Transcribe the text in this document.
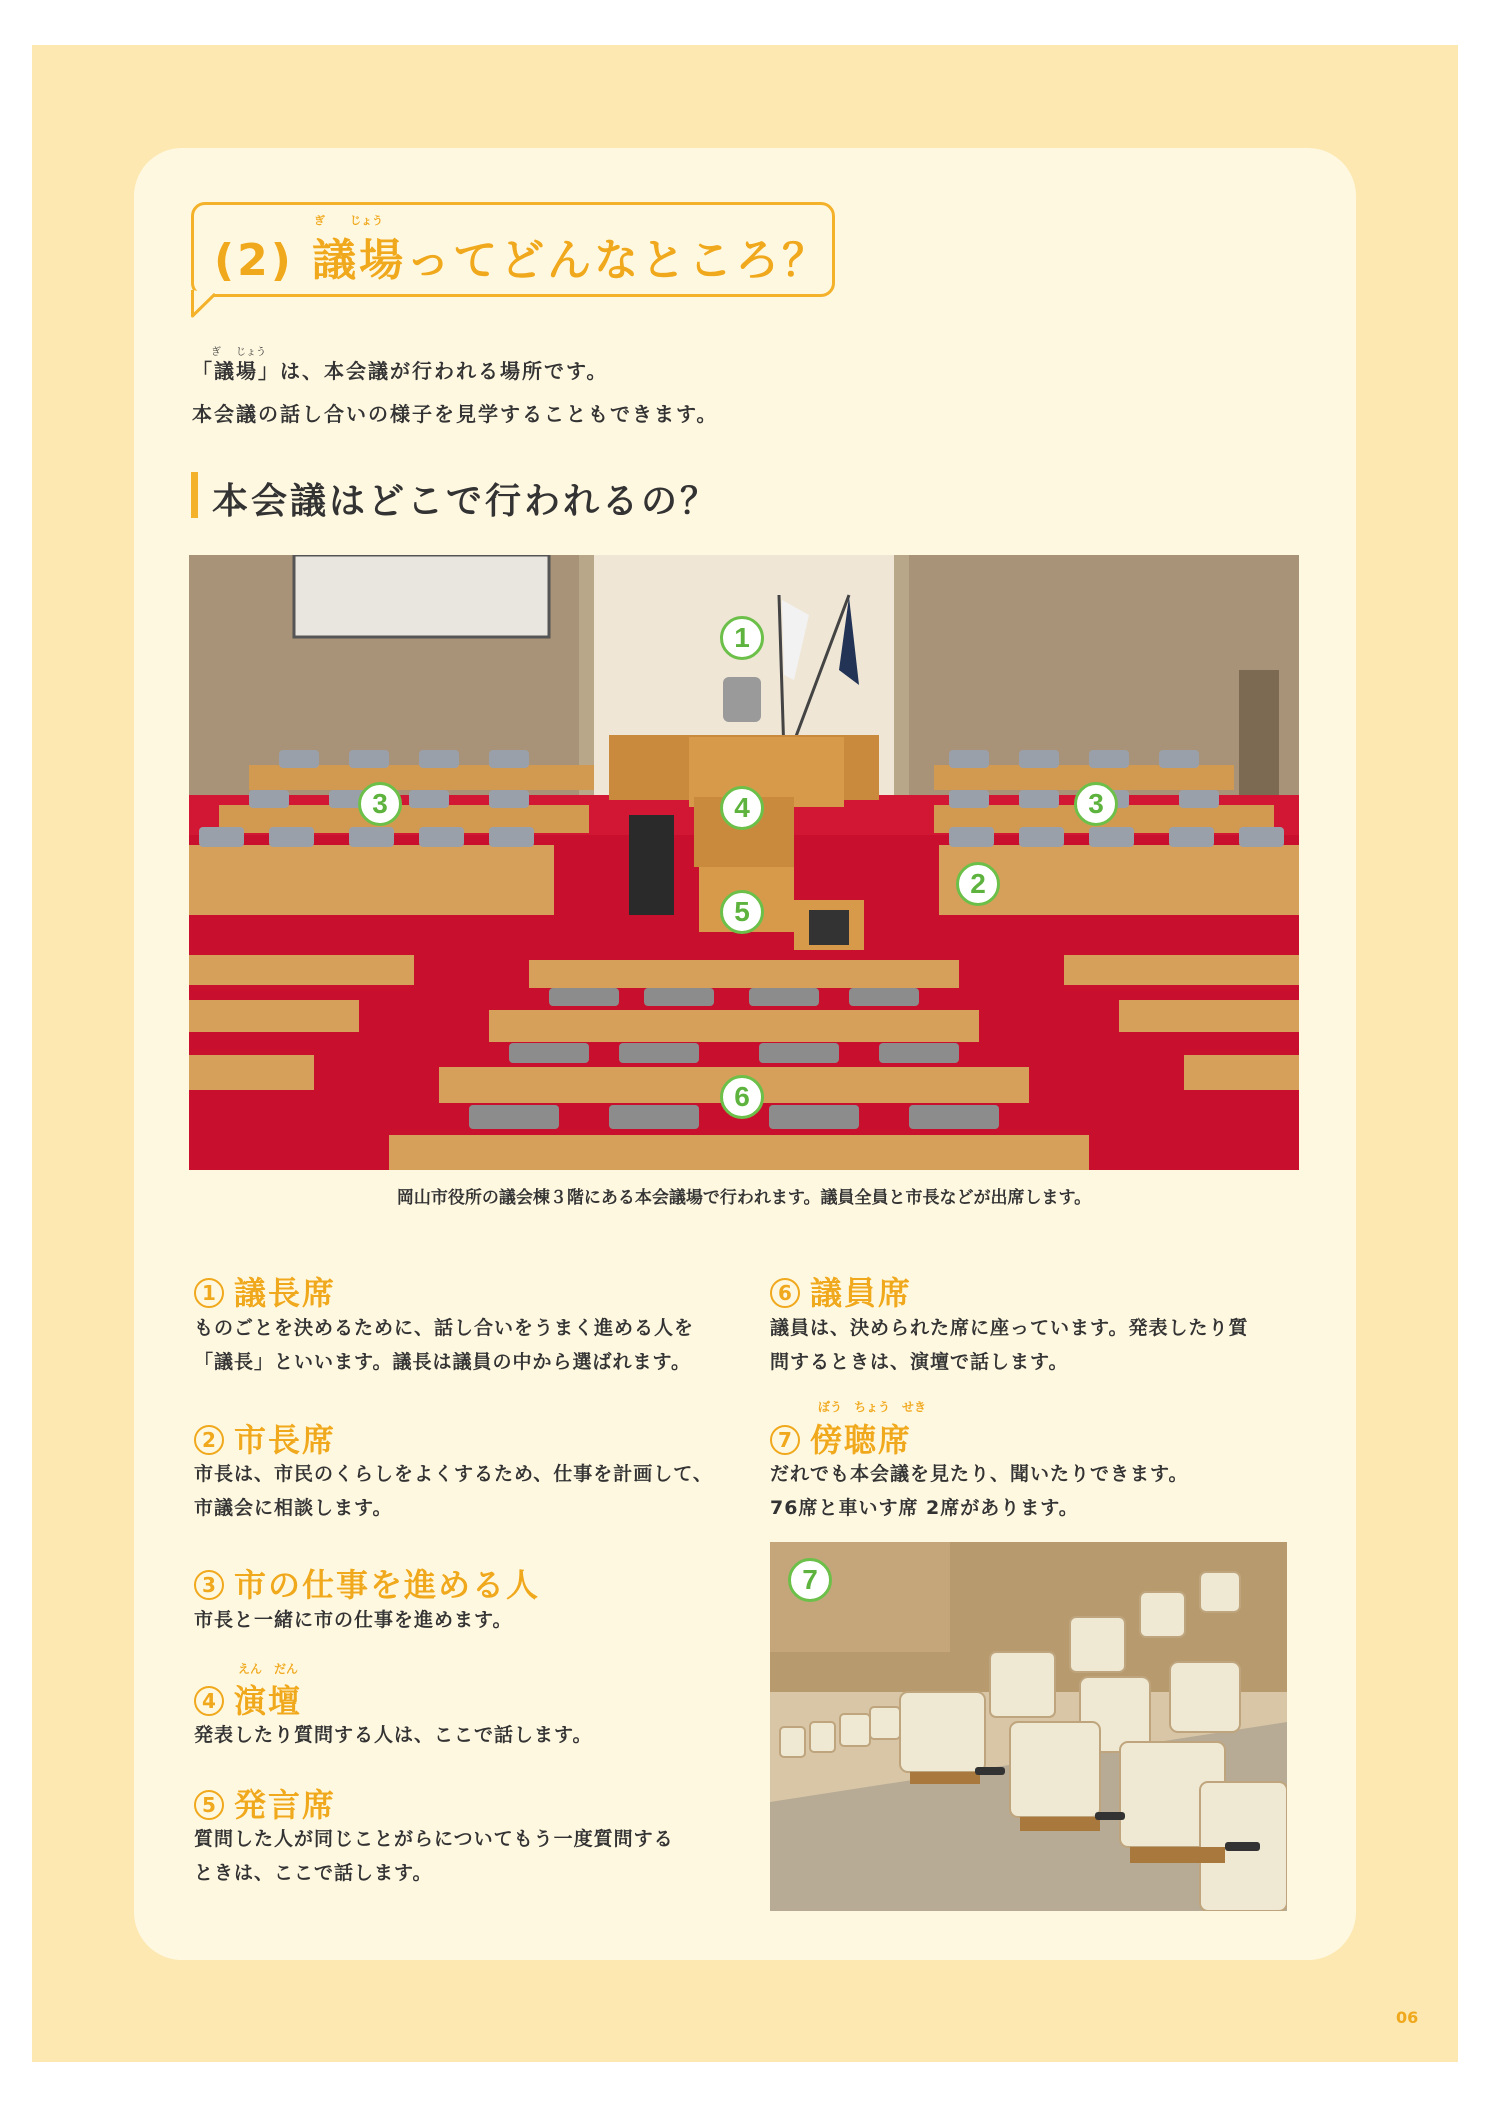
ぎ じょう
(2) 議場ってどんなところ？
ぎ じょう
「議場」は、本会議が行われる場所です。
本会議の話し合いの様子を見学することもできます。
本会議はどこで行われるの？
1
2
3	3
4
5
6
岡山市役所の議会棟３階にある本会議場で行われます。議員全員と市長などが出席します。
1 議長席
ものごとを決めるために、話し合いをうまく進める人を
「議長」といいます。議長は議員の中から選ばれます。
2 市長席
市長は、市民のくらしをよくするため、仕事を計画して、
市議会に相談します。
3 市の仕事を進める人
市長と一緒に市の仕事を進めます。
えん　だん
4 演壇
発表したり質問する人は、ここで話します。
5 発言席
質問した人が同じことがらについてもう一度質問する
ときは、ここで話します。
6 議員席
議員は、決められた席に座っています。発表したり質
問するときは、演壇で話します。
ぼう　ちょう　せき
7 傍聴席
だれでも本会議を見たり、聞いたりできます。
76席と車いす席 2席があります。
7
06
